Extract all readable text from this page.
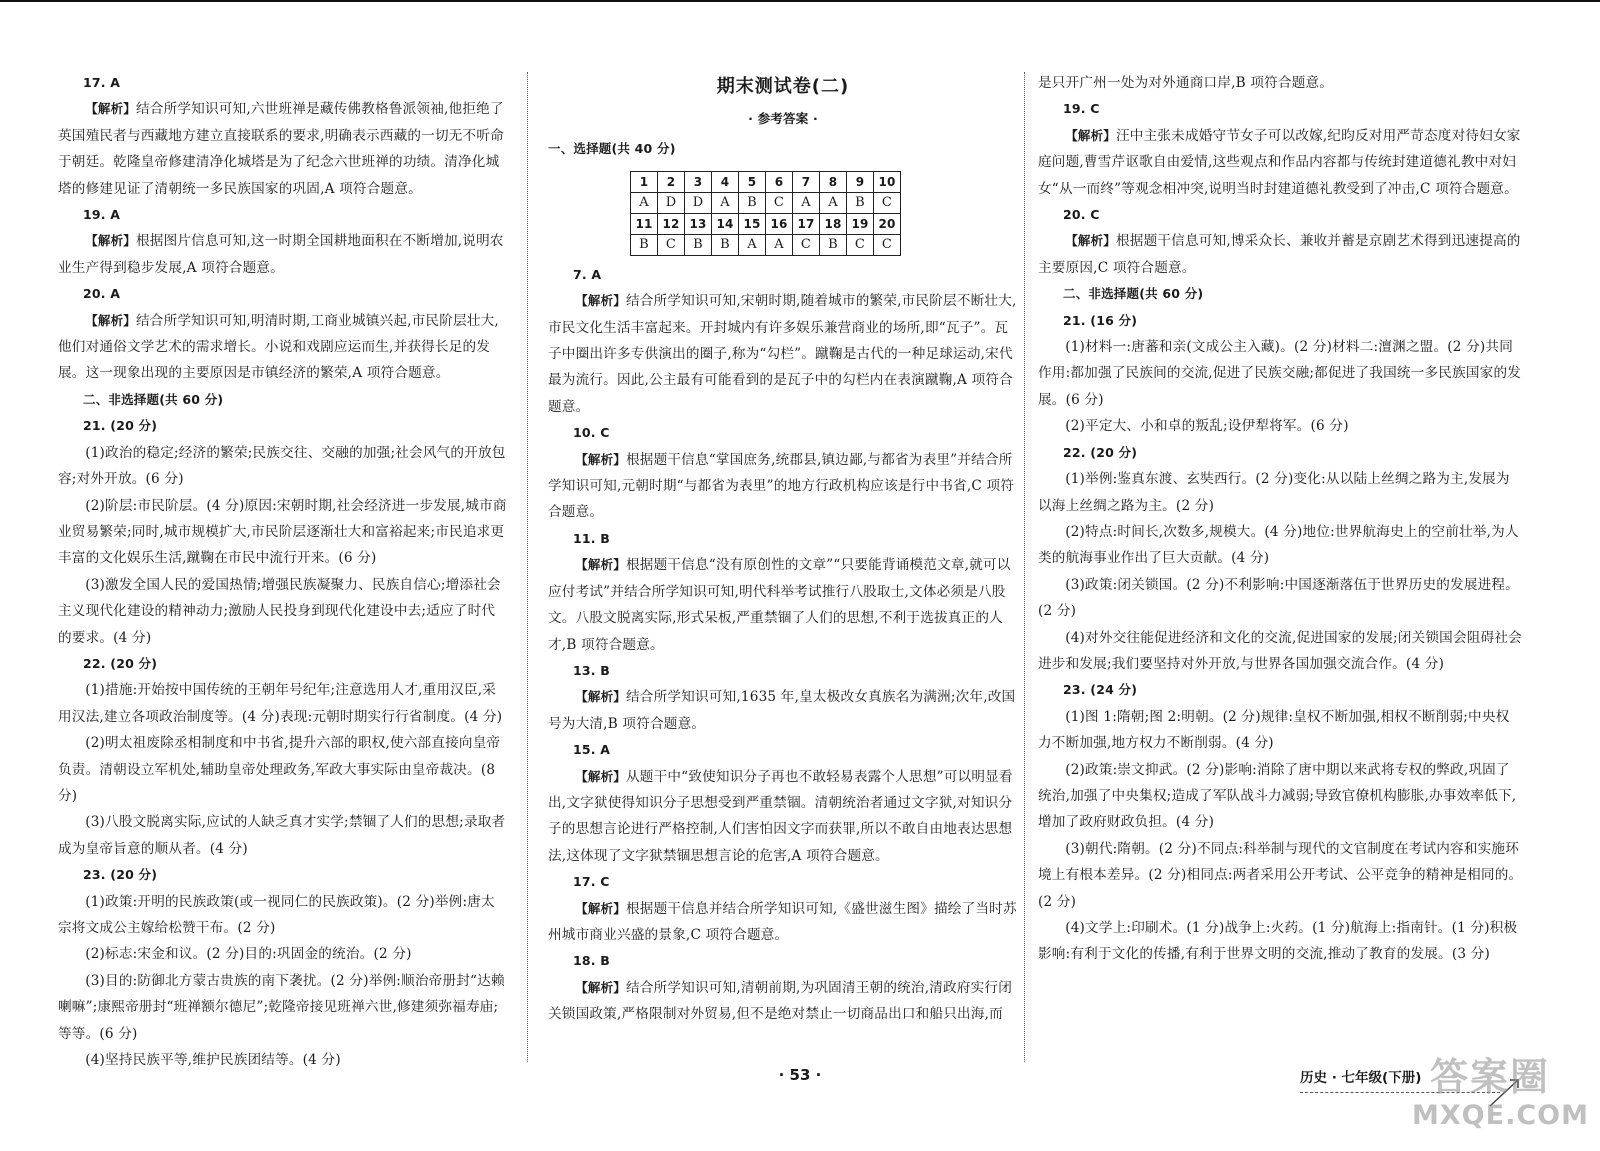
17. A
【解析】结合所学知识可知,六世班禅是藏传佛教格鲁派领袖,他拒绝了英国殖民者与西藏地方建立直接联系的要求,明确表示西藏的一切无不听命于朝廷。乾隆皇帝修建清净化城塔是为了纪念六世班禅的功绩。清净化城塔的修建见证了清朝统一多民族国家的巩固,A 项符合题意。
19. A
【解析】根据图片信息可知,这一时期全国耕地面积在不断增加,说明农业生产得到稳步发展,A 项符合题意。
20. A
【解析】结合所学知识可知,明清时期,工商业城镇兴起,市民阶层壮大,他们对通俗文学艺术的需求增长。小说和戏剧应运而生,并获得长足的发展。这一现象出现的主要原因是市镇经济的繁荣,A 项符合题意。
二、非选择题(共 60 分)
21. (20 分)
(1)政治的稳定;经济的繁荣;民族交往、交融的加强;社会风气的开放包容;对外开放。(6 分)
(2)阶层:市民阶层。(4 分)原因:宋朝时期,社会经济进一步发展,城市商业贸易繁荣;同时,城市规模扩大,市民阶层逐渐壮大和富裕起来;市民追求更丰富的文化娱乐生活,蹴鞠在市民中流行开来。(6 分)
(3)激发全国人民的爱国热情;增强民族凝聚力、民族自信心;增添社会主义现代化建设的精神动力;激励人民投身到现代化建设中去;适应了时代的要求。(4 分)
22. (20 分)
(1)措施:开始按中国传统的王朝年号纪年;注意选用人才,重用汉臣,采用汉法,建立各项政治制度等。(4 分)表现:元朝时期实行行省制度。(4 分)
(2)明太祖废除丞相制度和中书省,提升六部的职权,使六部直接向皇帝负责。清朝设立军机处,辅助皇帝处理政务,军政大事实际由皇帝裁决。(8 分)
(3)八股文脱离实际,应试的人缺乏真才实学;禁锢了人们的思想;录取者成为皇帝旨意的顺从者。(4 分)
23. (20 分)
(1)政策:开明的民族政策(或一视同仁的民族政策)。(2 分)举例:唐太宗将文成公主嫁给松赞干布。(2 分)
(2)标志:宋金和议。(2 分)目的:巩固金的统治。(2 分)
(3)目的:防御北方蒙古贵族的南下袭扰。(2 分)举例:顺治帝册封“达赖喇嘛”;康熙帝册封“班禅额尔德尼”;乾隆帝接见班禅六世,修建须弥福寿庙;等等。(6 分)
(4)坚持民族平等,维护民族团结等。(4 分)
期末测试卷(二)
· 参考答案 ·
一、选择题(共 40 分)
1	2	3	4	5	6	7	8	9	10
A	D	D	A	B	C	A	A	B	C
11	12	13	14	15	16	17	18	19	20
B	C	B	B	A	A	C	B	C	C
7. A
【解析】结合所学知识可知,宋朝时期,随着城市的繁荣,市民阶层不断壮大,市民文化生活丰富起来。开封城内有许多娱乐兼营商业的场所,即“瓦子”。瓦子中圈出许多专供演出的圈子,称为“勾栏”。蹴鞠是古代的一种足球运动,宋代最为流行。因此,公主最有可能看到的是瓦子中的勾栏内在表演蹴鞠,A 项符合题意。
10. C
【解析】根据题干信息“掌国庶务,统郡县,镇边鄙,与都省为表里”并结合所学知识可知,元朝时期“与都省为表里”的地方行政机构应该是行中书省,C 项符合题意。
11. B
【解析】根据题干信息“没有原创性的文章”“只要能背诵模范文章,就可以应付考试”并结合所学知识可知,明代科举考试推行八股取士,文体必须是八股文。八股文脱离实际,形式呆板,严重禁锢了人们的思想,不利于选拔真正的人才,B 项符合题意。
13. B
【解析】结合所学知识可知,1635 年,皇太极改女真族名为满洲;次年,改国号为大清,B 项符合题意。
15. A
【解析】从题干中“致使知识分子再也不敢轻易表露个人思想”可以明显看出,文字狱使得知识分子思想受到严重禁锢。清朝统治者通过文字狱,对知识分子的思想言论进行严格控制,人们害怕因文字而获罪,所以不敢自由地表达思想法,这体现了文字狱禁锢思想言论的危害,A 项符合题意。
17. C
【解析】根据题干信息并结合所学知识可知,《盛世滋生图》描绘了当时苏州城市商业兴盛的景象,C 项符合题意。
18. B
【解析】结合所学知识可知,清朝前期,为巩固清王朝的统治,清政府实行闭关锁国政策,严格限制对外贸易,但不是绝对禁止一切商品出口和船只出海,而
是只开广州一处为对外通商口岸,B 项符合题意。
19. C
【解析】汪中主张未成婚守节女子可以改嫁,纪昀反对用严苛态度对待妇女家庭问题,曹雪芹讴歌自由爱情,这些观点和作品内容都与传统封建道德礼教中对妇女“从一而终”等观念相冲突,说明当时封建道德礼教受到了冲击,C 项符合题意。
20. C
【解析】根据题干信息可知,博采众长、兼收并蓄是京剧艺术得到迅速提高的主要原因,C 项符合题意。
二、非选择题(共 60 分)
21. (16 分)
(1)材料一:唐蕃和亲(文成公主入藏)。(2 分)材料二:澶渊之盟。(2 分)共同作用:都加强了民族间的交流,促进了民族交融;都促进了我国统一多民族国家的发展。(6 分)
(2)平定大、小和卓的叛乱;设伊犁将军。(6 分)
22. (20 分)
(1)举例:鉴真东渡、玄奘西行。(2 分)变化:从以陆上丝绸之路为主,发展为以海上丝绸之路为主。(2 分)
(2)特点:时间长,次数多,规模大。(4 分)地位:世界航海史上的空前壮举,为人类的航海事业作出了巨大贡献。(4 分)
(3)政策:闭关锁国。(2 分)不利影响:中国逐渐落伍于世界历史的发展进程。(2 分)
(4)对外交往能促进经济和文化的交流,促进国家的发展;闭关锁国会阻碍社会进步和发展;我们要坚持对外开放,与世界各国加强交流合作。(4 分)
23. (24 分)
(1)图 1:隋朝;图 2:明朝。(2 分)规律:皇权不断加强,相权不断削弱;中央权力不断加强,地方权力不断削弱。(4 分)
(2)政策:崇文抑武。(2 分)影响:消除了唐中期以来武将专权的弊政,巩固了统治,加强了中央集权;造成了军队战斗力减弱;导致官僚机构膨胀,办事效率低下,增加了政府财政负担。(4 分)
(3)朝代:隋朝。(2 分)不同点:科举制与现代的文官制度在考试内容和实施环境上有根本差异。(2 分)相同点:两者采用公开考试、公平竞争的精神是相同的。(2 分)
(4)文学上:印刷术。(1 分)战争上:火药。(1 分)航海上:指南针。(1 分)积极影响:有利于文化的传播,有利于世界文明的交流,推动了教育的发展。(3 分)
· 53 ·	历史 · 七年级(下册) 答案圈
MXQE.COM
